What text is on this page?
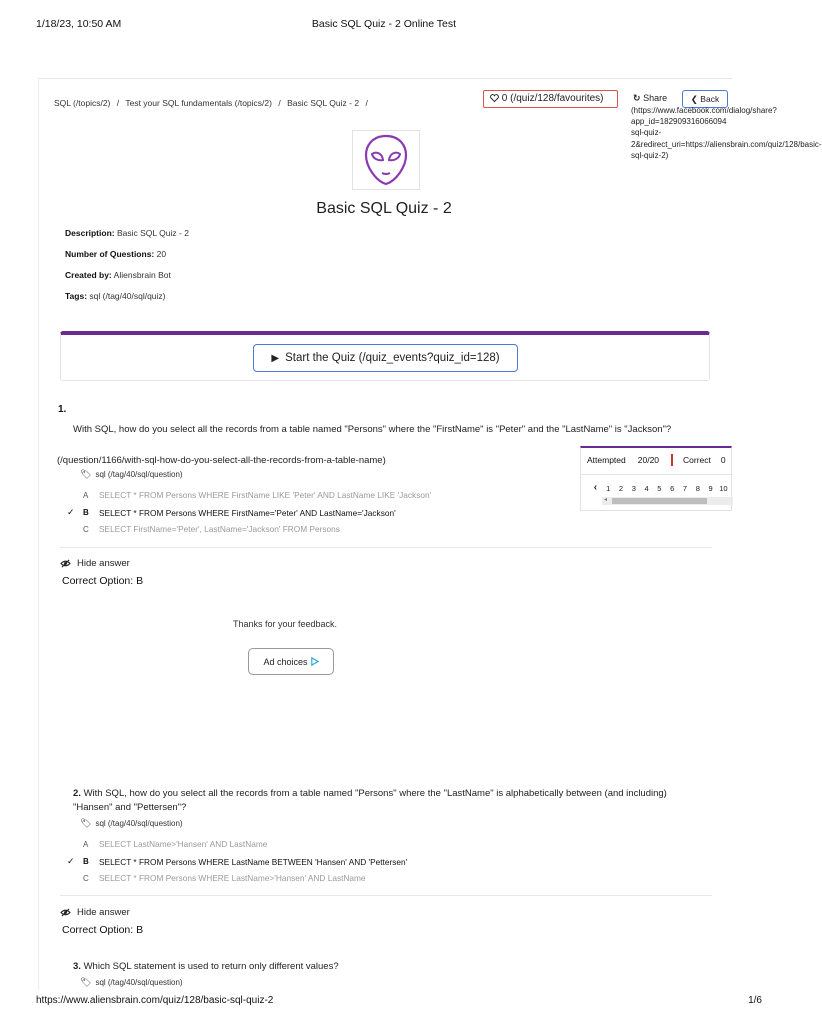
1/18/23, 10:50 AM	Basic SQL Quiz - 2 Online Test
SQL (/topics/2) / Test your SQL fundamentals (/topics/2) / Basic SQL Quiz - 2 /	0 (/quiz/128/favourites)	↻ Share	❮ Back
(https://www.facebook.com/dialog/share?
app_id=182909316066094
sql-quiz-
2&redirect_uri=https://aliensbrain.com/quiz/128/basic-
sql-quiz-2)
Basic SQL Quiz - 2
Description: Basic SQL Quiz - 2
Number of Questions: 20
Created by: Aliensbrain Bot
Tags: sql (/tag/40/sql/quiz)
▶ Start the Quiz (/quiz_events?quiz_id=128)
1.
With SQL, how do you select all the records from a table named "Persons" where the "FirstName" is "Peter" and the "LastName" is "Jackson"?
(/question/1166/with-sql-how-do-you-select-all-the-records-from-a-table-name)
🏷 sql (/tag/40/sql/question)
A	SELECT * FROM Persons WHERE FirstName LIKE 'Peter' AND LastName LIKE 'Jackson'
✓	B	SELECT * FROM Persons WHERE FirstName='Peter' AND LastName='Jackson'
C	SELECT FirstName='Peter', LastName='Jackson' FROM Persons
Attempted 20/20	Correct 0
‹	1	2	3	4	5	6	7	8	9 10
◂
Hide answer
Correct Option: B
Thanks for your feedback.
Ad choices
2. With SQL, how do you select all the records from a table named "Persons" where the "LastName" is alphabetically between (and including) "Hansen" and "Pettersen"?
🏷 sql (/tag/40/sql/question)
A	SELECT LastName>'Hansen' AND LastName
✓	B	SELECT * FROM Persons WHERE LastName BETWEEN 'Hansen' AND 'Pettersen'
C	SELECT * FROM Persons WHERE LastName>'Hansen' AND LastName
Hide answer
Correct Option: B
3. Which SQL statement is used to return only different values?
🏷 sql (/tag/40/sql/question)
https://www.aliensbrain.com/quiz/128/basic-sql-quiz-2	1/6
